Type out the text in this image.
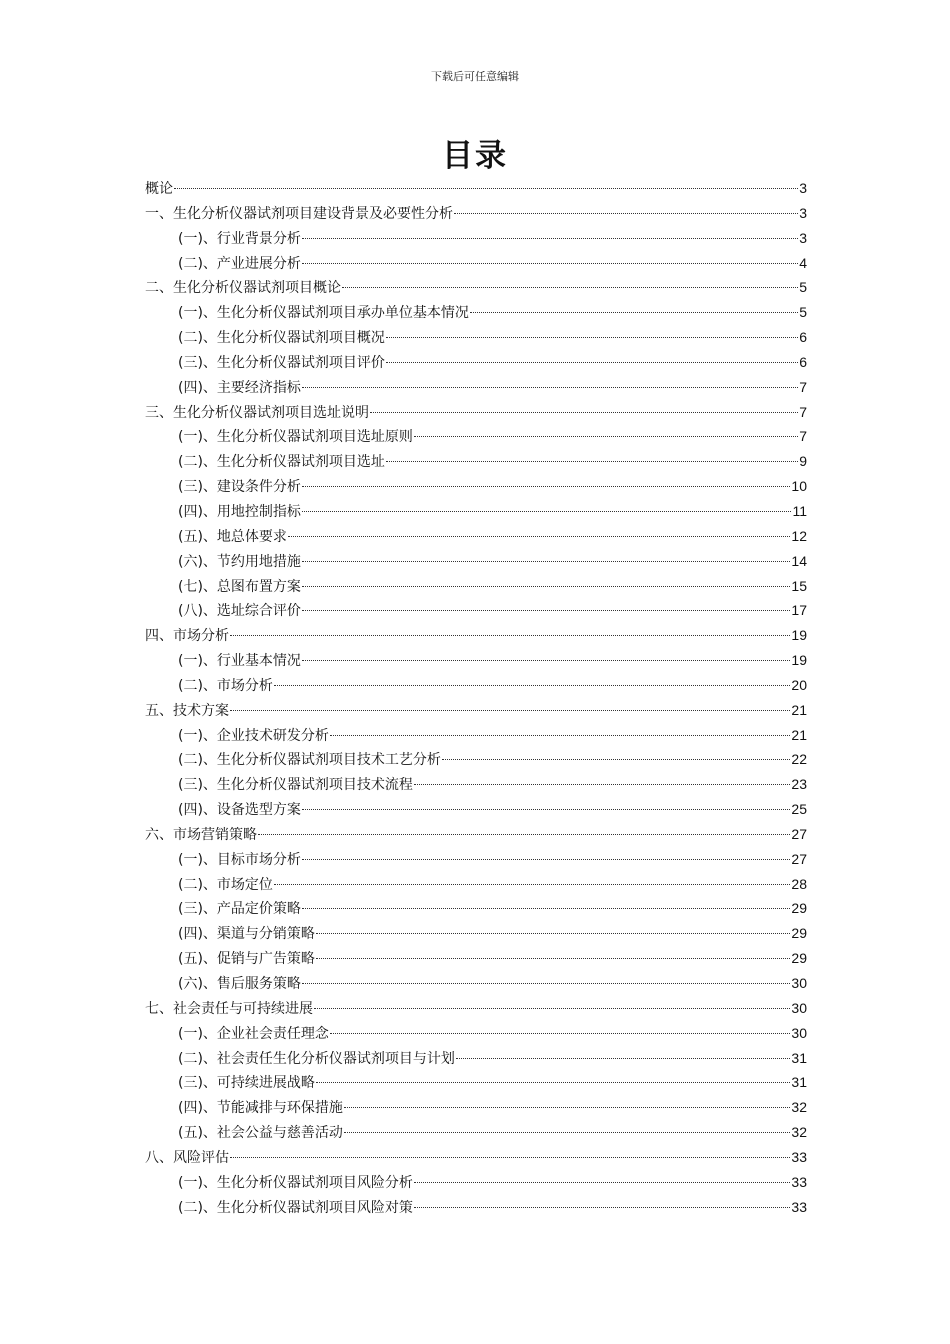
下载后可任意编辑
目录
概论	3
一、生化分析仪器试剂项目建设背景及必要性分析	3
(一)、行业背景分析	3
(二)、产业进展分析	4
二、生化分析仪器试剂项目概论	5
(一)、生化分析仪器试剂项目承办单位基本情况	5
(二)、生化分析仪器试剂项目概况	6
(三)、生化分析仪器试剂项目评价	6
(四)、主要经济指标	7
三、生化分析仪器试剂项目选址说明	7
(一)、生化分析仪器试剂项目选址原则	7
(二)、生化分析仪器试剂项目选址	9
(三)、建设条件分析	10
(四)、用地控制指标	11
(五)、地总体要求	12
(六)、节约用地措施	14
(七)、总图布置方案	15
(八)、选址综合评价	17
四、市场分析	19
(一)、行业基本情况	19
(二)、市场分析	20
五、技术方案	21
(一)、企业技术研发分析	21
(二)、生化分析仪器试剂项目技术工艺分析	22
(三)、生化分析仪器试剂项目技术流程	23
(四)、设备选型方案	25
六、市场营销策略	27
(一)、目标市场分析	27
(二)、市场定位	28
(三)、产品定价策略	29
(四)、渠道与分销策略	29
(五)、促销与广告策略	29
(六)、售后服务策略	30
七、社会责任与可持续进展	30
(一)、企业社会责任理念	30
(二)、社会责任生化分析仪器试剂项目与计划	31
(三)、可持续进展战略	31
(四)、节能减排与环保措施	32
(五)、社会公益与慈善活动	32
八、风险评估	33
(一)、生化分析仪器试剂项目风险分析	33
(二)、生化分析仪器试剂项目风险对策	33
